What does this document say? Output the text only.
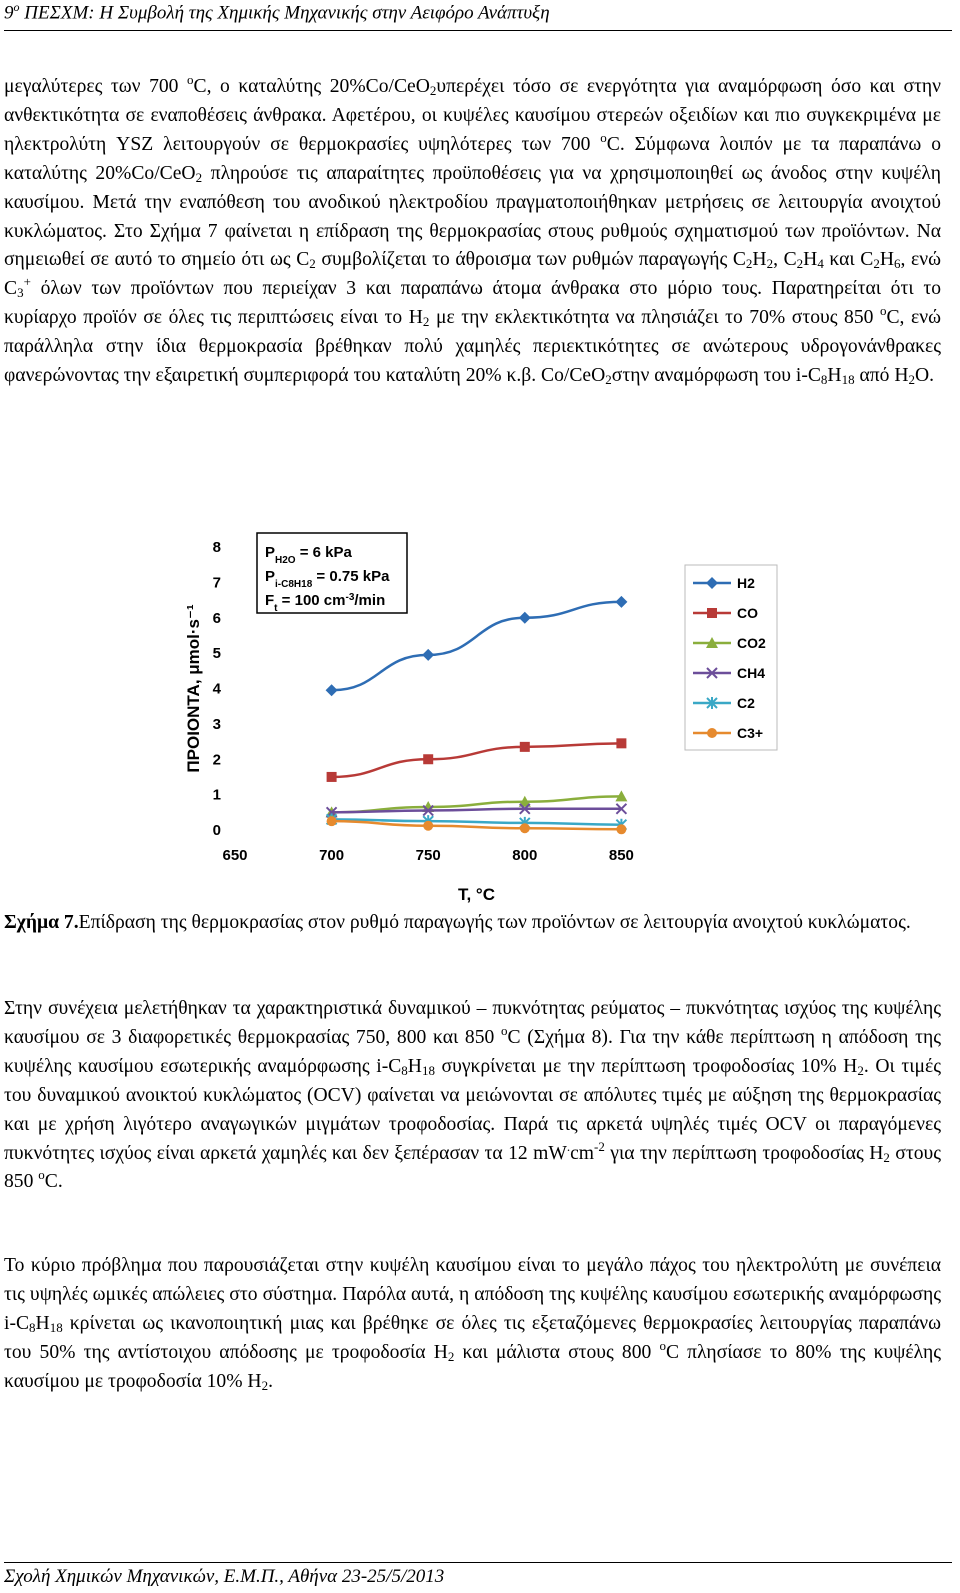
$9^o$ ΠΕΣΧΜ: Η Συμβολή της Χημικής Μηχανικής στην Αειφόρο Ανάπτυξη

μεγαλύτερες των 700 $^o$C, ο καταλύτης 20%Co/CeO$_2$υπερέχει τόσο σε ενεργότητα για αναμόρφωση όσο και στην ανθεκτικότητα σε εναποθέσεις άνθρακα. Αφετέρου, οι κυψέλες καυσίμου στερεών οξειδίων και πιο συγκεκριμένα με ηλεκτρολύτη YSZ λειτουργούν σε θερμοκρασίες υψηλότερες των 700 $^o$C. Σύμφωνα λοιπόν με τα παραπάνω ο καταλύτης 20%Co/CeO$_2$ πληρούσε τις απαραίτητες προϋποθέσεις για να χρησιμοποιηθεί ως άνοδος στην κυψέλη καυσίμου. Μετά την εναπόθεση του ανοδικού ηλεκτροδίου πραγματοποιήθηκαν μετρήσεις σε λειτουργία ανοιχτού κυκλώματος. Στο Σχήμα 7 φαίνεται η επίδραση της θερμοκρασίας στους ρυθμούς σχηματισμού των προϊόντων. Να σημειωθεί σε αυτό το σημείο ότι ως $C_2$ συμβολίζεται το άθροισμα των ρυθμών παραγωγής $C_2H_2$, $C_2H_4$ και $C_2H_6$, ενώ $C_3^+$ όλων των προϊόντων που περιείχαν 3 και παραπάνω άτομα άνθρακα στο μόριο τους. Παρατηρείται ότι το κυρίαρχο προϊόν σε όλες τις περιπτώσεις είναι το $H_2$ με την εκλεκτικότητα να πλησιάζει το 70% στους 850 $^o$C, ενώ παράλληλα στην ίδια θερμοκρασία βρέθηκαν πολύ χαμηλές περιεκτικότητες σε ανώτερους υδρογονάνθρακες φανερώνοντας την εξαιρετική συμπεριφορά του καταλύτη 20% κ.β. Co/CeO$_2$στην αναμόρφωση του $i-C_8H_{18}$ από $H_2O$.

0
1
2
3
4
5
6
7
8
650	700	750	800	850
T, °C
ΠΡΟΙΟΝΤΑ, μmol·s⁻¹
H2
CO
CO2
CH4
C2
C3+
$P_{H2O} = 6$ kPa
$P_{i-C8H18} = 0.75$ kPa
$F_t = 100$ $cm^{-3}/\min$

Σχήμα 7.Επίδραση της θερμοκρασίας στον ρυθμό παραγωγής των προϊόντων σε λειτουργία ανοιχτού κυκλώματος.

Στην συνέχεια μελετήθηκαν τα χαρακτηριστικά δυναμικού – πυκνότητας ρεύματος – πυκνότητας ισχύος της κυψέλης καυσίμου σε 3 διαφορετικές θερμοκρασίας 750, 800 και 850 $^o$C (Σχήμα 8). Για την κάθε περίπτωση η απόδοση της κυψέλης καυσίμου εσωτερικής αναμόρφωσης $i-C_8H_{18}$ συγκρίνεται με την περίπτωση τροφοδοσίας 10% $H_2$. Οι τιμές του δυναμικού ανοικτού κυκλώματος (OCV) φαίνεται να μειώνονται σε απόλυτες τιμές με αύξηση της θερμοκρασίας και με χρήση λιγότερο αναγωγικών μιγμάτων τροφοδοσίας. Παρά τις αρκετά υψηλές τιμές OCV οι παραγόμενες πυκνότητες ισχύος είναι αρκετά χαμηλές και δεν ξεπέρασαν τα 12 $mW^.cm^{-2}$ για την περίπτωση τροφοδοσίας $H_2$ στους 850 $^o$C.

Το κύριο πρόβλημα που παρουσιάζεται στην κυψέλη καυσίμου είναι το μεγάλο πάχος του ηλεκτρολύτη με συνέπεια τις υψηλές ωμικές απώλειες στο σύστημα. Παρόλα αυτά, η απόδοση της κυψέλης καυσίμου εσωτερικής αναμόρφωσης $i-C_8H_{18}$ κρίνεται ως ικανοποιητική μιας και βρέθηκε σε όλες τις εξεταζόμενες θερμοκρασίες λειτουργίας παραπάνω του 50% της αντίστοιχου απόδοσης με τροφοδοσία $H_2$ και μάλιστα στους 800 $^o$C πλησίασε το 80% της κυψέλης καυσίμου με τροφοδοσία 10% $H_2$.

Σχολή Χημικών Μηχανικών, Ε.Μ.Π., Αθήνα 23-25/5/2013
